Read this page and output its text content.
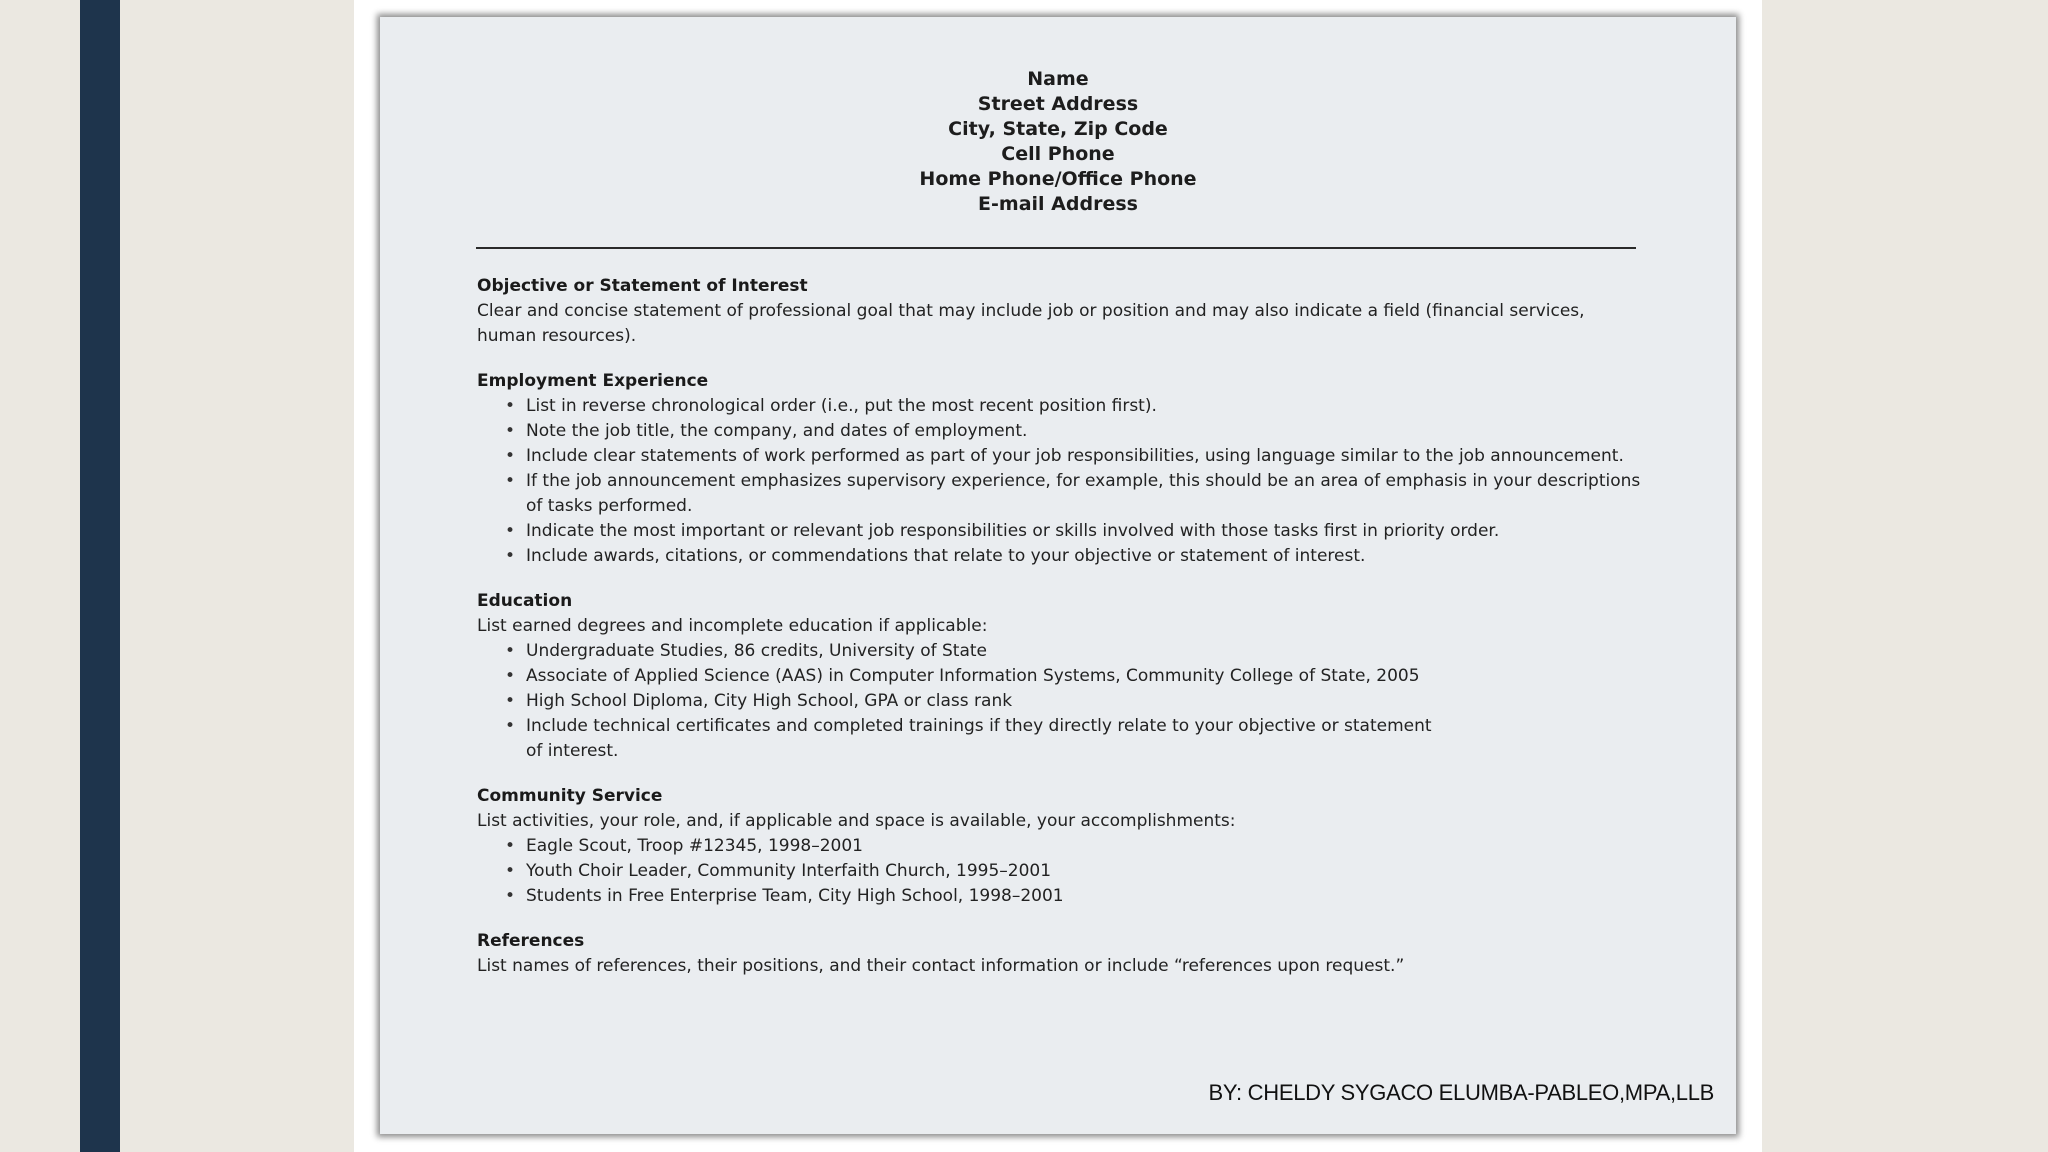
Name
Street Address
City, State, Zip Code
Cell Phone
Home Phone/Office Phone
E-mail Address
Objective or Statement of Interest
Clear and concise statement of professional goal that may include job or position and may also indicate a field (financial services, human resources).
Employment Experience
• List in reverse chronological order (i.e., put the most recent position first).
• Note the job title, the company, and dates of employment.
• Include clear statements of work performed as part of your job responsibilities, using language similar to the job announcement.
• If the job announcement emphasizes supervisory experience, for example, this should be an area of emphasis in your descriptions of tasks performed.
• Indicate the most important or relevant job responsibilities or skills involved with those tasks first in priority order.
• Include awards, citations, or commendations that relate to your objective or statement of interest.
Education
List earned degrees and incomplete education if applicable:
• Undergraduate Studies, 86 credits, University of State
• Associate of Applied Science (AAS) in Computer Information Systems, Community College of State, 2005
• High School Diploma, City High School, GPA or class rank
• Include technical certificates and completed trainings if they directly relate to your objective or statement of interest.
Community Service
List activities, your role, and, if applicable and space is available, your accomplishments:
• Eagle Scout, Troop #12345, 1998–2001
• Youth Choir Leader, Community Interfaith Church, 1995–2001
• Students in Free Enterprise Team, City High School, 1998–2001
References
List names of references, their positions, and their contact information or include “references upon request.”
BY: CHELDY SYGACO ELUMBA-PABLEO,MPA,LLB
